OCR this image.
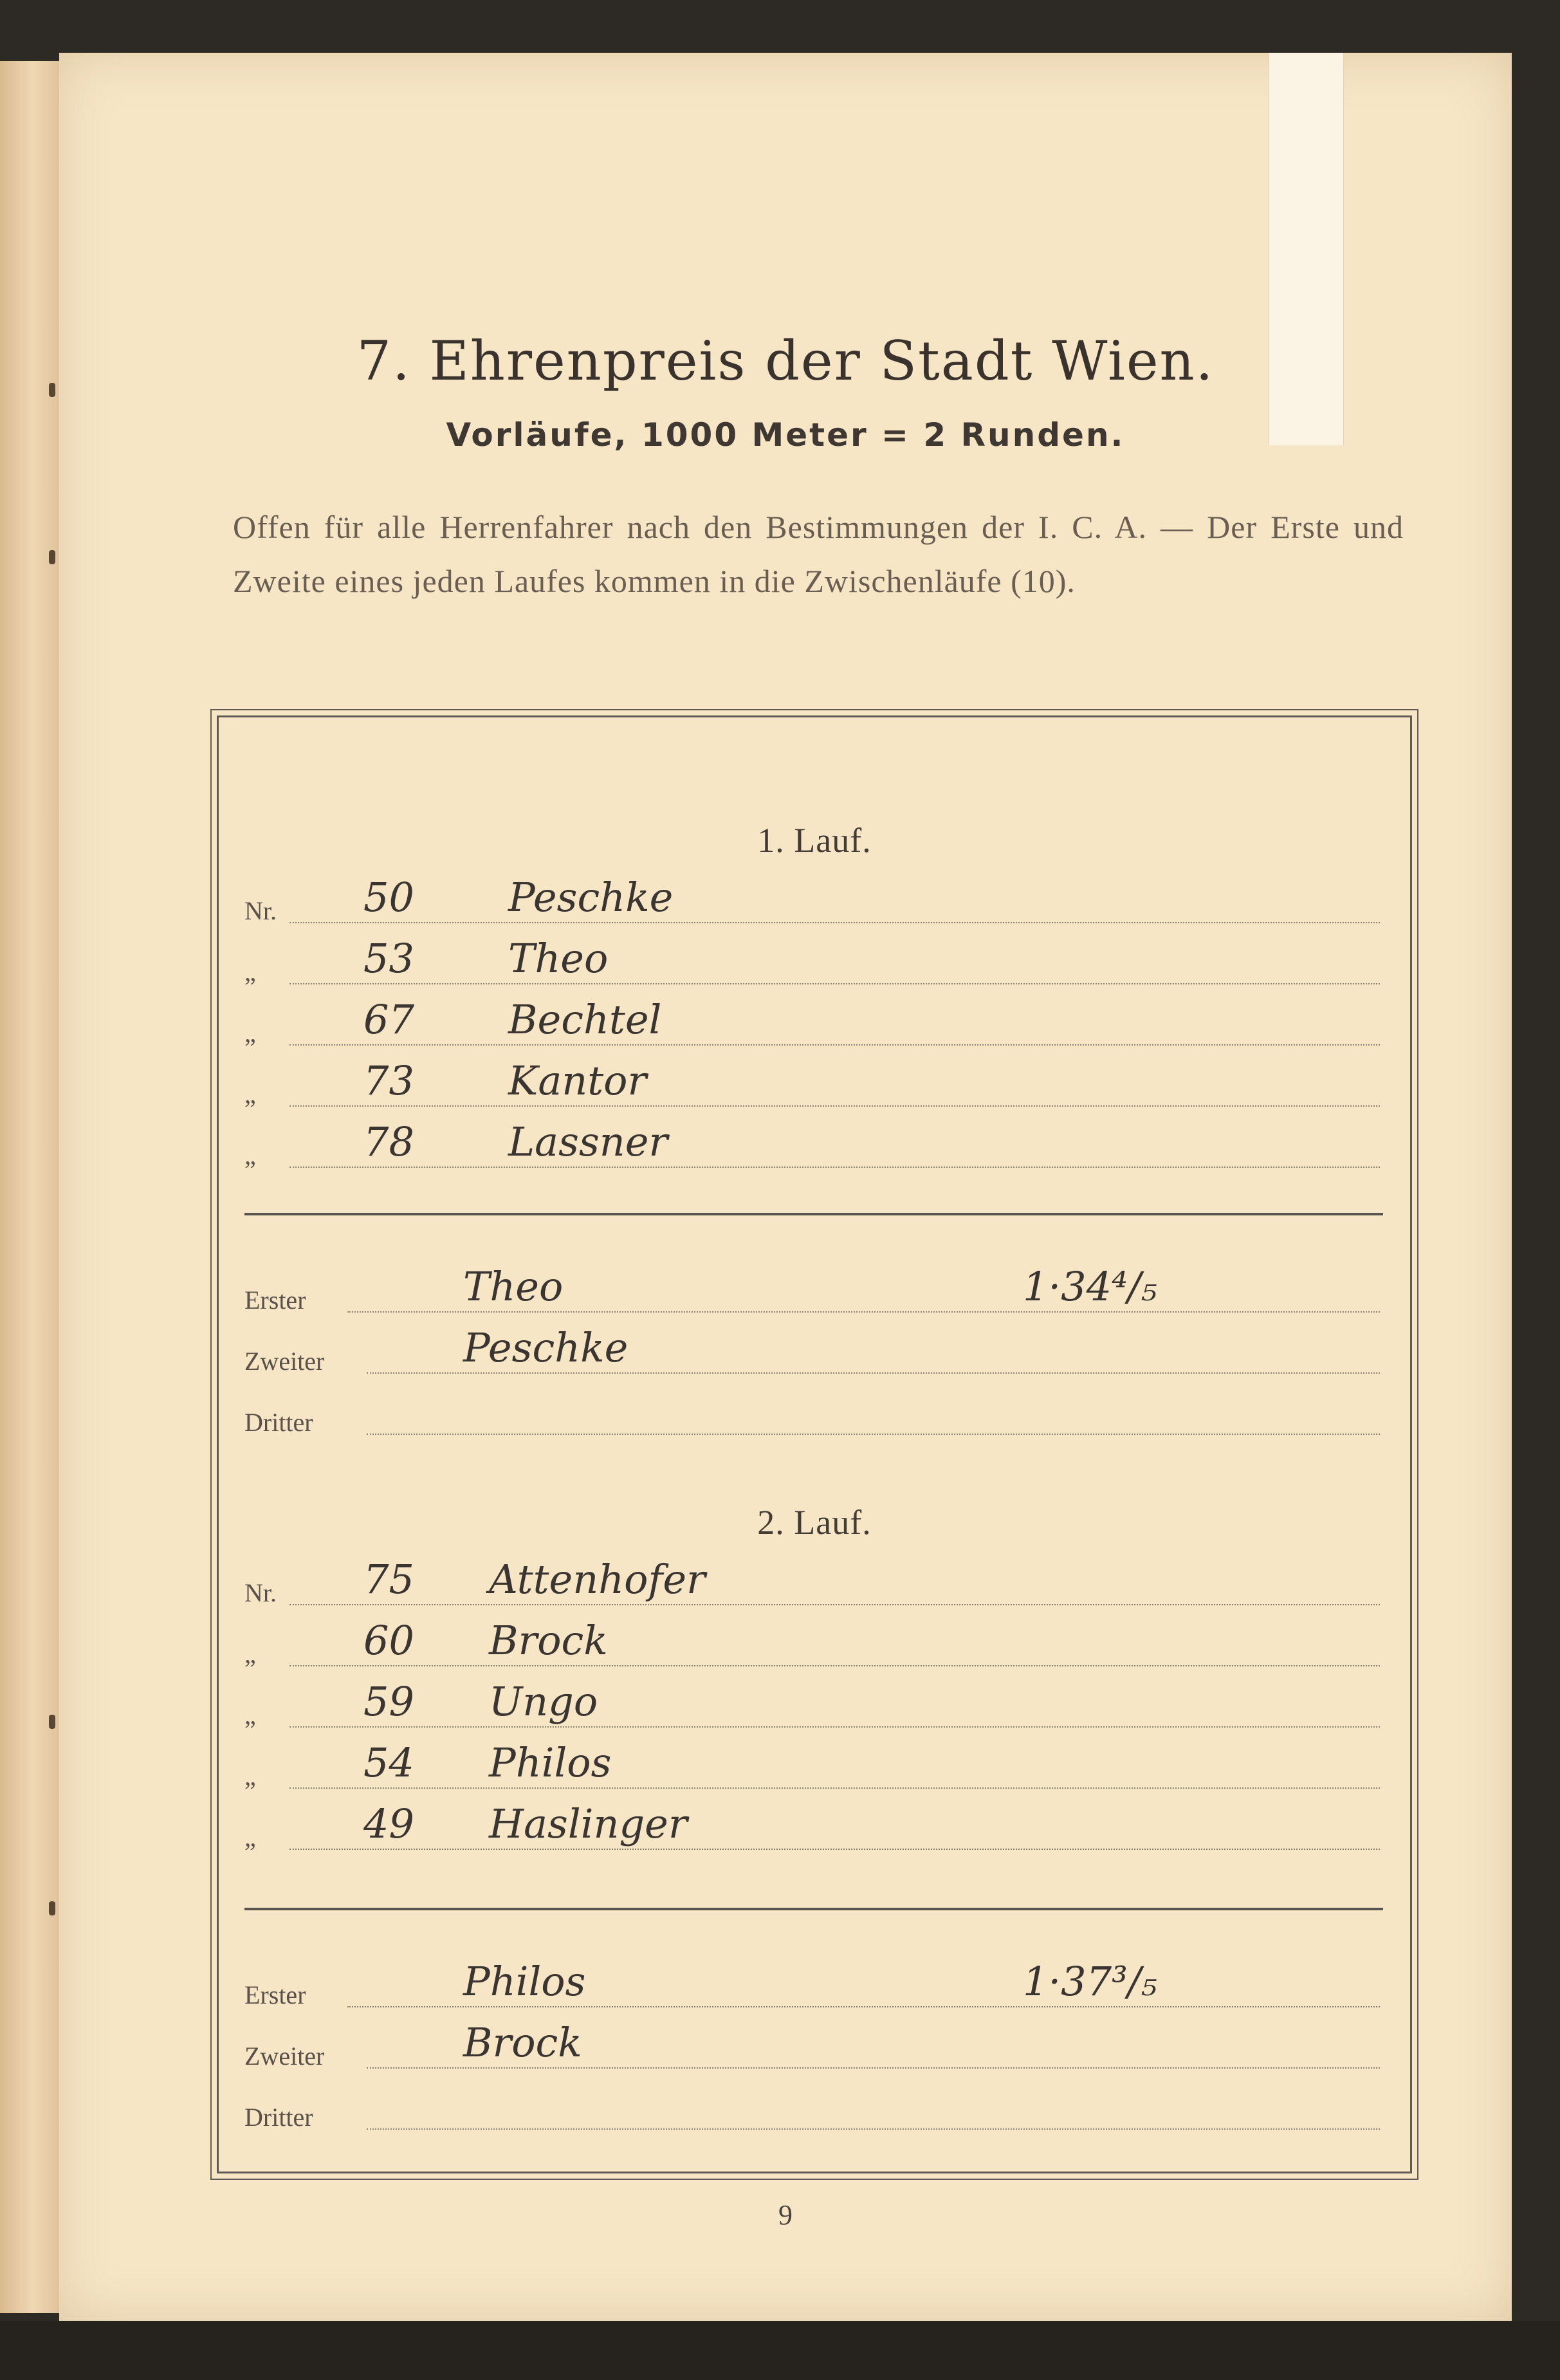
7. Ehrenpreis der Stadt Wien.
Vorläufe, 1000 Meter = 2 Runden.
Offen für alle Herrenfahrer nach den Bestimmungen der I. C. A. — Der Erste und Zweite eines jeden Laufes kommen in die Zwischenläufe (10).
1. Lauf.
Nr. 50 Peschke
„	53 Theo
„	67 Bechtel
„	73 Kantor
„	78 Lassner
Erster	Theo	1·34⁴/₅
Zweiter	Peschke
Dritter
2. Lauf.
Nr. 75 Attenhofer
„	60 Brock
„	59 Ungo
„	54 Philos
„	49 Haslinger
Erster	Philos	1·37³/₅
Zweiter	Brock
Dritter
9
